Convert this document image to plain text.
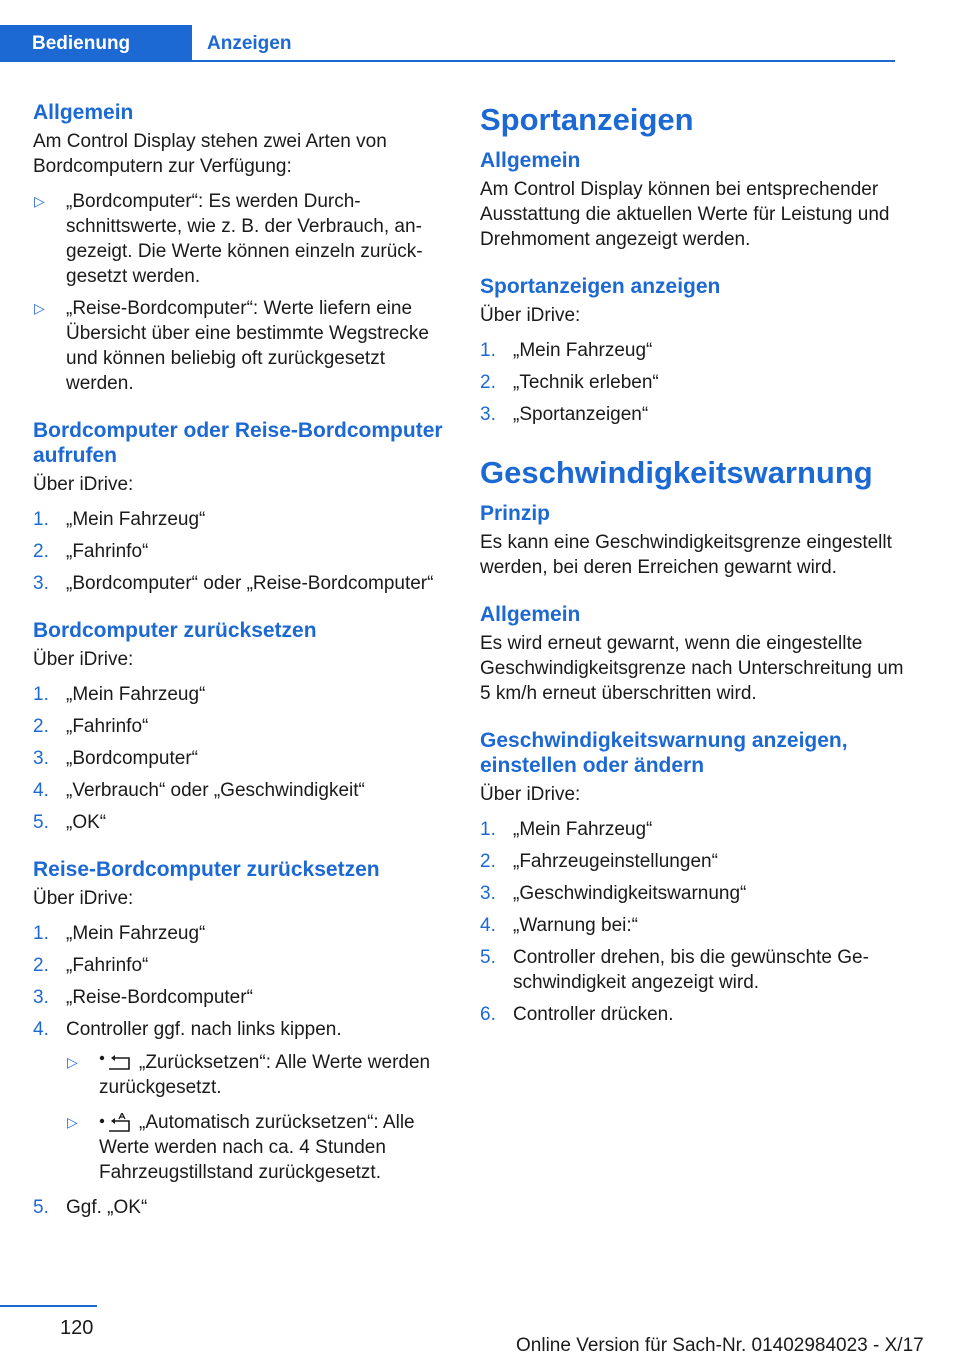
Bedienung	Anzeigen
Allgemein

Am Control Display stehen zwei Arten von Bordcomputern zur Verfügung:

▷ „Bordcomputer“: Es werden Durchschnittswerte, wie z. B. der Verbrauch, angezeigt. Die Werte können einzeln zurückgesetzt werden.
▷ „Reise-Bordcomputer“: Werte liefern eine Übersicht über eine bestimmte Wegstrecke und können beliebig oft zurückgesetzt werden.
Bordcomputer oder Reise-Bordcomputer aufrufen

Über iDrive:

1. „Mein Fahrzeug“
2. „Fahrinfo“
3. „Bordcomputer“ oder „Reise-Bordcomputer“
Bordcomputer zurücksetzen

Über iDrive:

1. „Mein Fahrzeug“
2. „Fahrinfo“
3. „Bordcomputer“
4. „Verbrauch“ oder „Geschwindigkeit“
5. „OK“
Reise-Bordcomputer zurücksetzen

Über iDrive:

1. „Mein Fahrzeug“
2. „Fahrinfo“
3. „Reise-Bordcomputer“
4. Controller ggf. nach links kippen.
▷	„Zurücksetzen“: Alle Werte werden zurückgesetzt.
▷	„Automatisch zurücksetzen“: Alle Werte werden nach ca. 4 Stunden Fahrzeugstillstand zurückgesetzt.
5. Ggf. „OK“
Sportanzeigen
Allgemein

Am Control Display können bei entsprechender Ausstattung die aktuellen Werte für Leistung und Drehmoment angezeigt werden.

Sportanzeigen anzeigen

Über iDrive:

1. „Mein Fahrzeug“
2. „Technik erleben“
3. „Sportanzeigen“
Geschwindigkeitswarnung
Prinzip

Es kann eine Geschwindigkeitsgrenze eingestellt werden, bei deren Erreichen gewarnt wird.

Allgemein

Es wird erneut gewarnt, wenn die eingestellte Geschwindigkeitsgrenze nach Unterschreitung um 5 km/h erneut überschritten wird.

Geschwindigkeitswarnung anzeigen, einstellen oder ändern

Über iDrive:

1. „Mein Fahrzeug“
2. „Fahrzeugeinstellungen“
3. „Geschwindigkeitswarnung“
4. „Warnung bei:“
5. Controller drehen, bis die gewünschte Geschwindigkeit angezeigt wird.
6. Controller drücken.
120
Online Version für Sach-Nr. 01402984023 - X/17
